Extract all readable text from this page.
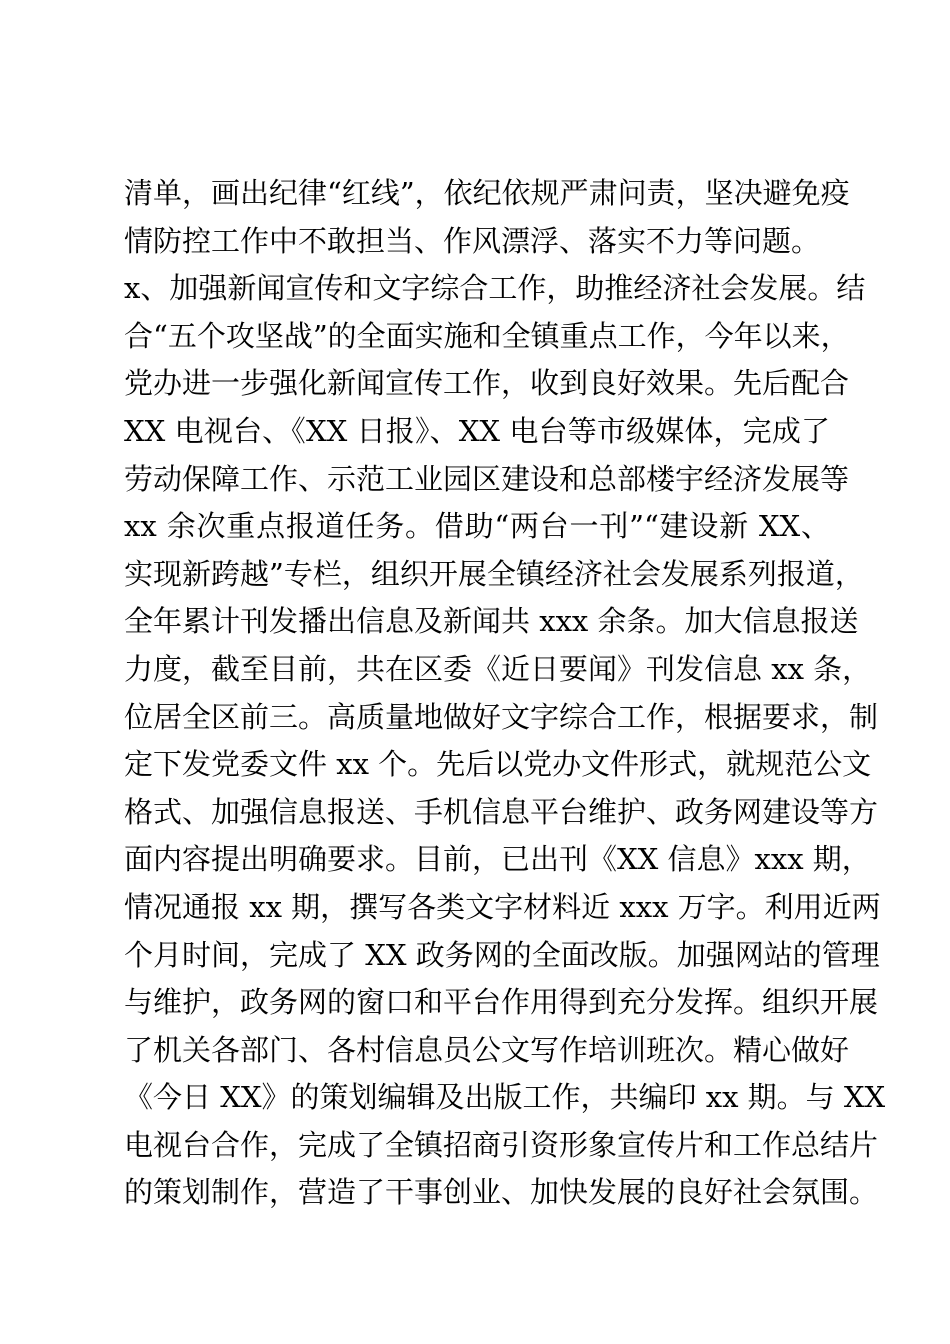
清单，画出纪律“红线”，依纪依规严肃问责，坚决避免疫
情防控工作中不敢担当、作风漂浮、落实不力等问题。
x、加强新闻宣传和文字综合工作，助推经济社会发展。结
合“五个攻坚战”的全面实施和全镇重点工作，今年以来，
党办进一步强化新闻宣传工作，收到良好效果。先后配合
XX 电视台、《XX 日报》、XX 电台等市级媒体，完成了
劳动保障工作、示范工业园区建设和总部楼宇经济发展等
xx 余次重点报道任务。借助“两台一刊”“建设新 XX、
实现新跨越”专栏，组织开展全镇经济社会发展系列报道，
全年累计刊发播出信息及新闻共 xxx 余条。加大信息报送
力度，截至目前，共在区委《近日要闻》刊发信息 xx 条，
位居全区前三。高质量地做好文字综合工作，根据要求，制
定下发党委文件 xx 个。先后以党办文件形式，就规范公文
格式、加强信息报送、手机信息平台维护、政务网建设等方
面内容提出明确要求。目前，已出刊《XX 信息》xxx 期，
情况通报 xx 期，撰写各类文字材料近 xxx 万字。利用近两
个月时间，完成了 XX 政务网的全面改版。加强网站的管理
与维护，政务网的窗口和平台作用得到充分发挥。组织开展
了机关各部门、各村信息员公文写作培训班次。精心做好
《今日 XX》的策划编辑及出版工作，共编印 xx 期。与 XX
电视台合作，完成了全镇招商引资形象宣传片和工作总结片
的策划制作，营造了干事创业、加快发展的良好社会氛围。
